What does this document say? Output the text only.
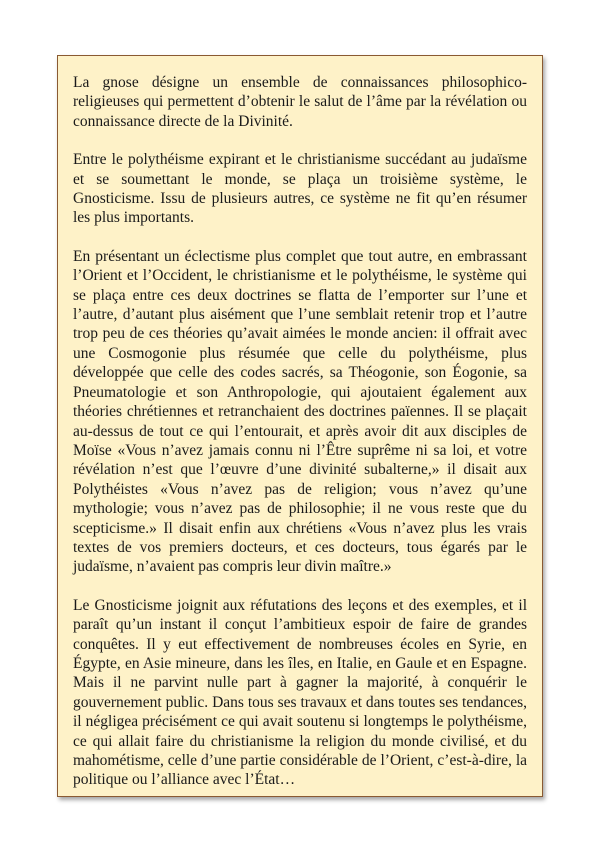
La gnose désigne un ensemble de connaissances philosophico-religieuses qui permettent d’obtenir le salut de l’âme par la révélation ou connaissance directe de la Divinité.

Entre le polythéisme expirant et le christianisme succédant au judaïsme et se soumettant le monde, se plaça un troisième système, le Gnosticisme. Issu de plusieurs autres, ce système ne fit qu’en résumer les plus importants.

En présentant un éclectisme plus complet que tout autre, en embrassant l’Orient et l’Occident, le christianisme et le polythéisme, le système qui se plaça entre ces deux doctrines se flatta de l’emporter sur l’une et l’autre, d’autant plus aisément que l’une semblait retenir trop et l’autre trop peu de ces théories qu’avait aimées le monde ancien: il offrait avec une Cosmogonie plus résumée que celle du polythéisme, plus développée que celle des codes sacrés, sa Théogonie, son Éogonie, sa Pneumatologie et son Anthropologie, qui ajoutaient également aux théories chrétiennes et retranchaient des doctrines païennes. Il se plaçait au-dessus de tout ce qui l’entourait, et après avoir dit aux disciples de Moïse «Vous n’avez jamais connu ni l’Être suprême ni sa loi, et votre révélation n’est que l’œuvre d’une divinité subalterne,» il disait aux Polythéistes «Vous n’avez pas de religion; vous n’avez qu’une mythologie; vous n’avez pas de philosophie; il ne vous reste que du scepticisme.» Il disait enfin aux chrétiens «Vous n’avez plus les vrais textes de vos premiers docteurs, et ces docteurs, tous égarés par le judaïsme, n’avaient pas compris leur divin maître.»

Le Gnosticisme joignit aux réfutations des leçons et des exemples, et il paraît qu’un instant il conçut l’ambitieux espoir de faire de grandes conquêtes. Il y eut effectivement de nombreuses écoles en Syrie, en Égypte, en Asie mineure, dans les îles, en Italie, en Gaule et en Espagne. Mais il ne parvint nulle part à gagner la majorité, à conquérir le gouvernement public. Dans tous ses travaux et dans toutes ses tendances, il négligea précisément ce qui avait soutenu si longtemps le polythéisme, ce qui allait faire du christianisme la religion du monde civilisé, et du mahométisme, celle d’une partie considérable de l’Orient, c’est-à-dire, la politique ou l’alliance avec l’État…
